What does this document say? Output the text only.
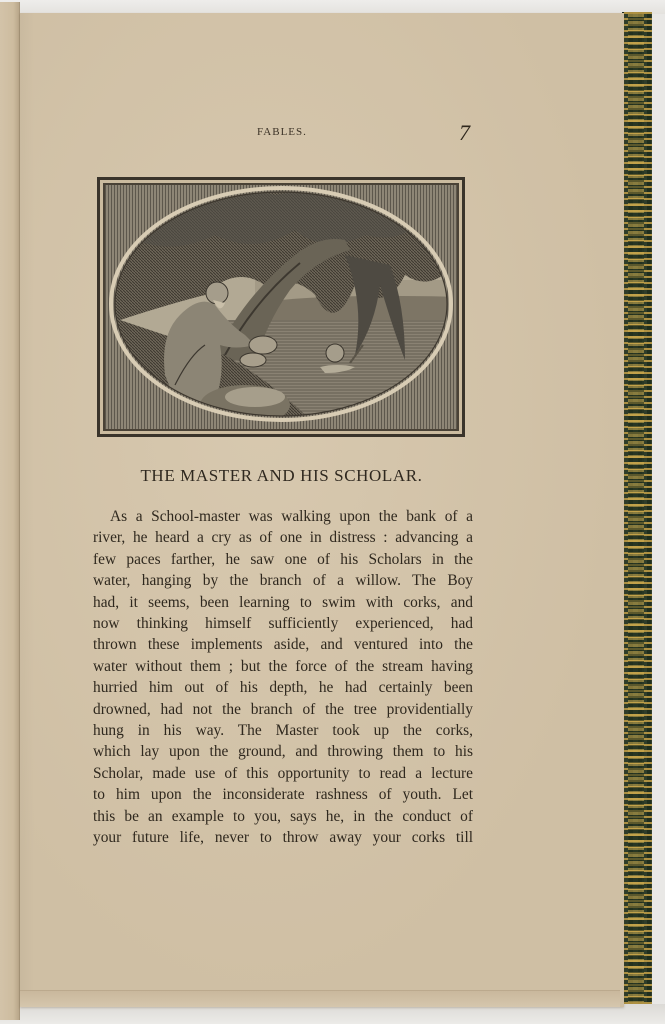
FABLES.	7
THE MASTER AND HIS SCHOLAR.
As a School-master was walking upon the bank of a
river, he heard a cry as of one in distress : advancing a
few paces farther, he saw one of his Scholars in the
water, hanging by the branch of a willow. The Boy
had, it seems, been learning to swim with corks, and
now thinking himself sufficiently experienced, had
thrown these implements aside, and ventured into the
water without them ; but the force of the stream having
hurried him out of his depth, he had certainly been
drowned, had not the branch of the tree providentially
hung in his way. The Master took up the corks,
which lay upon the ground, and throwing them to his
Scholar, made use of this opportunity to read a lecture
to him upon the inconsiderate rashness of youth. Let
this be an example to you, says he, in the conduct of
your future life, never to throw away your corks till
